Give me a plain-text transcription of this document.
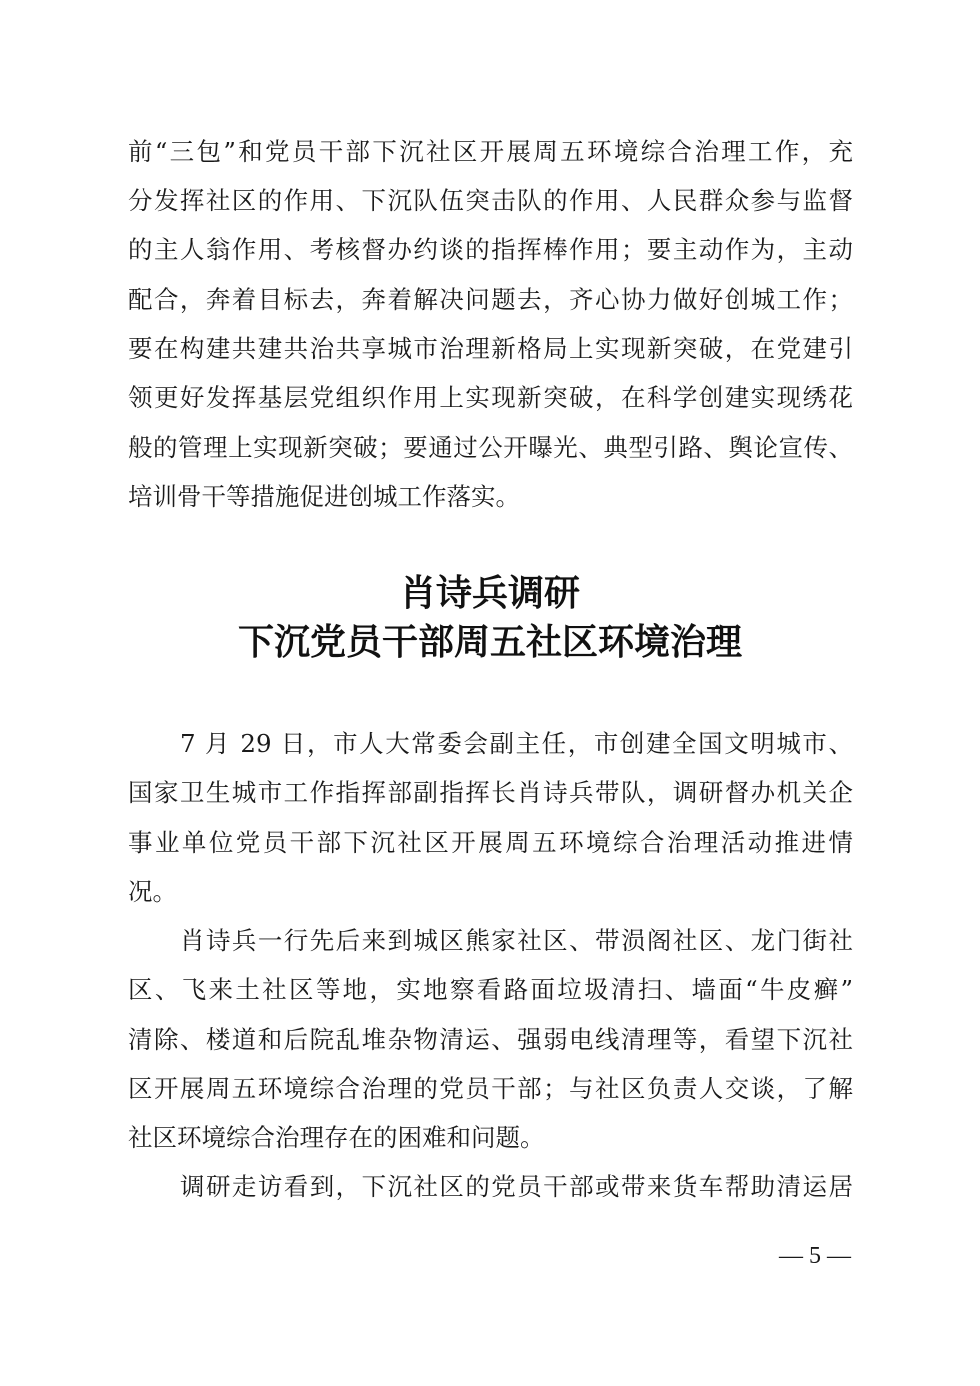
前“三包”和党员干部下沉社区开展周五环境综合治理工作，充
分发挥社区的作用、下沉队伍突击队的作用、人民群众参与监督
的主人翁作用、考核督办约谈的指挥棒作用；要主动作为，主动
配合，奔着目标去，奔着解决问题去，齐心协力做好创城工作；
要在构建共建共治共享城市治理新格局上实现新突破，在党建引
领更好发挥基层党组织作用上实现新突破，在科学创建实现绣花
般的管理上实现新突破；要通过公开曝光、典型引路、舆论宣传、
培训骨干等措施促进创城工作落实。
肖诗兵调研
下沉党员干部周五社区环境治理
7 月 29 日，市人大常委会副主任，市创建全国文明城市、
国家卫生城市工作指挥部副指挥长肖诗兵带队，调研督办机关企
事业单位党员干部下沉社区开展周五环境综合治理活动推进情
况。
肖诗兵一行先后来到城区熊家社区、带涢阁社区、龙门街社
区、飞来土社区等地，实地察看路面垃圾清扫、墙面“牛皮癣”
清除、楼道和后院乱堆杂物清运、强弱电线清理等，看望下沉社
区开展周五环境综合治理的党员干部；与社区负责人交谈，了解
社区环境综合治理存在的困难和问题。
调研走访看到，下沉社区的党员干部或带来货车帮助清运居
— 5 —
